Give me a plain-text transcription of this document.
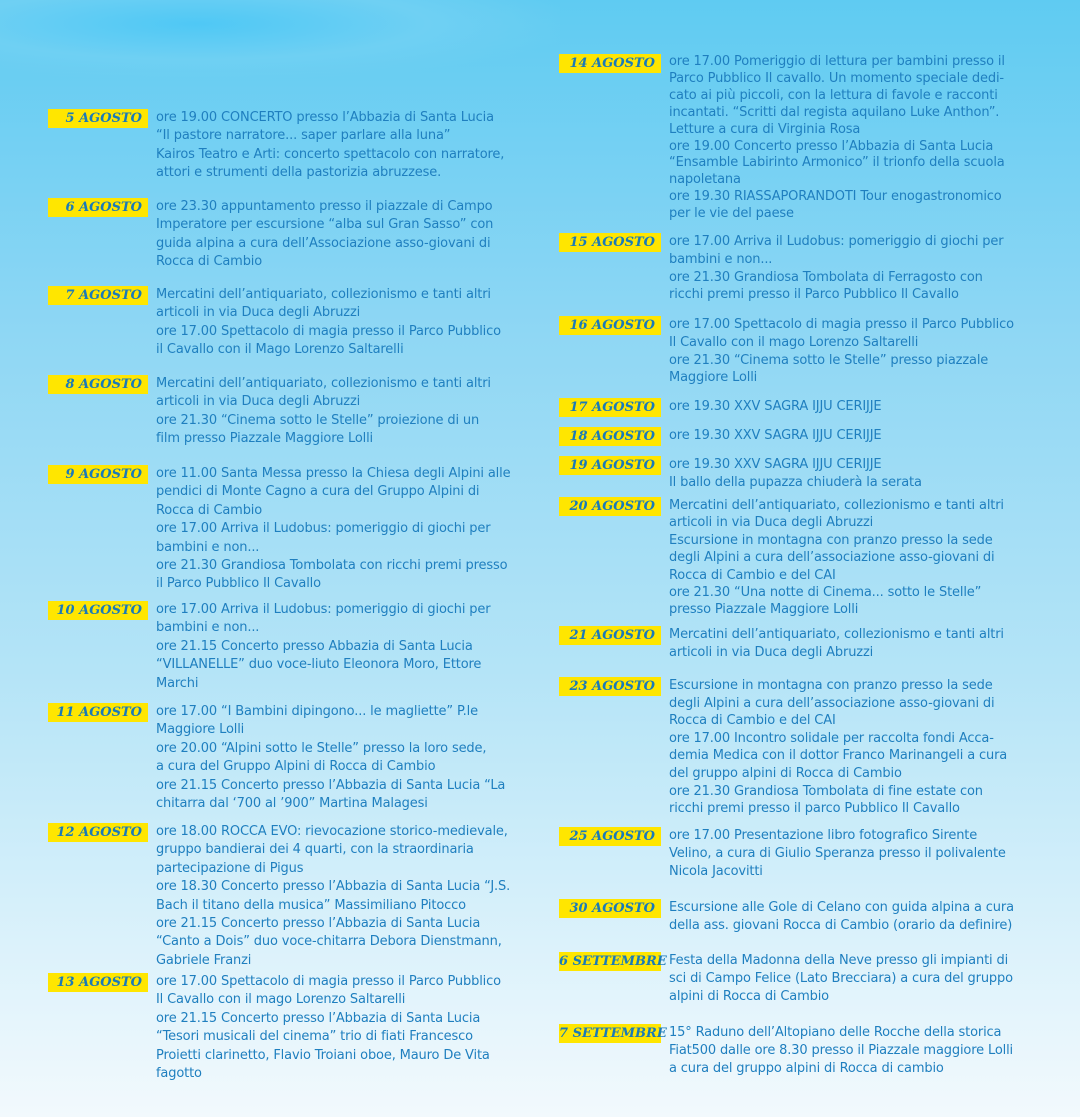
5 AGOSTO	ore 19.00 CONCERTO presso l’Abbazia di Santa Lucia
“Il pastore narratore... saper parlare alla luna”
Kairos Teatro e Arti: concerto spettacolo con narratore,
attori e strumenti della pastorizia abruzzese.
6 AGOSTO	ore 23.30 appuntamento presso il piazzale di Campo
Imperatore per escursione “alba sul Gran Sasso” con
guida alpina a cura dell’Associazione asso-giovani di
Rocca di Cambio
7 AGOSTO	Mercatini dell’antiquariato, collezionismo e tanti altri
articoli in via Duca degli Abruzzi
ore 17.00 Spettacolo di magia presso il Parco Pubblico
il Cavallo con il Mago Lorenzo Saltarelli
8 AGOSTO	Mercatini dell’antiquariato, collezionismo e tanti altri
articoli in via Duca degli Abruzzi
ore 21.30 “Cinema sotto le Stelle” proiezione di un
film presso Piazzale Maggiore Lolli
9 AGOSTO	ore 11.00 Santa Messa presso la Chiesa degli Alpini alle
pendici di Monte Cagno a cura del Gruppo Alpini di
Rocca di Cambio
ore 17.00 Arriva il Ludobus: pomeriggio di giochi per
bambini e non...
ore 21.30 Grandiosa Tombolata con ricchi premi presso
il Parco Pubblico Il Cavallo
10 AGOSTO	ore 17.00 Arriva il Ludobus: pomeriggio di giochi per
bambini e non...
ore 21.15 Concerto presso Abbazia di Santa Lucia
“VILLANELLE” duo voce-liuto Eleonora Moro, Ettore
Marchi
11 AGOSTO	ore 17.00 “I Bambini dipingono... le magliette” P.le
Maggiore Lolli
ore 20.00 “Alpini sotto le Stelle” presso la loro sede,
a cura del Gruppo Alpini di Rocca di Cambio
ore 21.15 Concerto presso l’Abbazia di Santa Lucia “La
chitarra dal ‘700 al ’900” Martina Malagesi
12 AGOSTO	ore 18.00 ROCCA EVO: rievocazione storico-medievale,
gruppo bandierai dei 4 quarti, con la straordinaria
partecipazione di Pigus
ore 18.30 Concerto presso l’Abbazia di Santa Lucia “J.S.
Bach il titano della musica” Massimiliano Pitocco
ore 21.15 Concerto presso l’Abbazia di Santa Lucia
“Canto a Dois” duo voce-chitarra Debora Dienstmann,
Gabriele Franzi
13 AGOSTO	ore 17.00 Spettacolo di magia presso il Parco Pubblico
Il Cavallo con il mago Lorenzo Saltarelli
ore 21.15 Concerto presso l’Abbazia di Santa Lucia
“Tesori musicali del cinema” trio di fiati Francesco
Proietti clarinetto, Flavio Troiani oboe, Mauro De Vita
fagotto
14 AGOSTO	ore 17.00 Pomeriggio di lettura per bambini presso il
Parco Pubblico Il cavallo. Un momento speciale dedi-
cato ai più piccoli, con la lettura di favole e racconti
incantati. “Scritti dal regista aquilano Luke Anthon”.
Letture a cura di Virginia Rosa
ore 19.00 Concerto presso l’Abbazia di Santa Lucia
“Ensamble Labirinto Armonico” il trionfo della scuola
napoletana
ore 19.30 RIASSAPORANDOTI Tour enogastronomico
per le vie del paese
15 AGOSTO	ore 17.00 Arriva il Ludobus: pomeriggio di giochi per
bambini e non...
ore 21.30 Grandiosa Tombolata di Ferragosto con
ricchi premi presso il Parco Pubblico Il Cavallo
16 AGOSTO	ore 17.00 Spettacolo di magia presso il Parco Pubblico
Il Cavallo con il mago Lorenzo Saltarelli
ore 21.30 “Cinema sotto le Stelle” presso piazzale
Maggiore Lolli
17 AGOSTO	ore 19.30 XXV SAGRA IJJU CERIJJE
18 AGOSTO	ore 19.30 XXV SAGRA IJJU CERIJJE
19 AGOSTO	ore 19.30 XXV SAGRA IJJU CERIJJE
Il ballo della pupazza chiuderà la serata
20 AGOSTO	Mercatini dell’antiquariato, collezionismo e tanti altri
articoli in via Duca degli Abruzzi
Escursione in montagna con pranzo presso la sede
degli Alpini a cura dell’associazione asso-giovani di
Rocca di Cambio e del CAI
ore 21.30 “Una notte di Cinema... sotto le Stelle”
presso Piazzale Maggiore Lolli
21 AGOSTO	Mercatini dell’antiquariato, collezionismo e tanti altri
articoli in via Duca degli Abruzzi
23 AGOSTO	Escursione in montagna con pranzo presso la sede
degli Alpini a cura dell’associazione asso-giovani di
Rocca di Cambio e del CAI
ore 17.00 Incontro solidale per raccolta fondi Acca-
demia Medica con il dottor Franco Marinangeli a cura
del gruppo alpini di Rocca di Cambio
ore 21.30 Grandiosa Tombolata di fine estate con
ricchi premi presso il parco Pubblico Il Cavallo
25 AGOSTO	ore 17.00 Presentazione libro fotografico Sirente
Velino, a cura di Giulio Speranza presso il polivalente
Nicola Jacovitti
30 AGOSTO	Escursione alle Gole di Celano con guida alpina a cura
della ass. giovani Rocca di Cambio (orario da definire)
6 SETTEMBRE Festa della Madonna della Neve presso gli impianti di
sci di Campo Felice (Lato Brecciara) a cura del gruppo
alpini di Rocca di Cambio
7 SETTEMBRE 15° Raduno dell’Altopiano delle Rocche della storica
Fiat500 dalle ore 8.30 presso il Piazzale maggiore Lolli
a cura del gruppo alpini di Rocca di cambio
